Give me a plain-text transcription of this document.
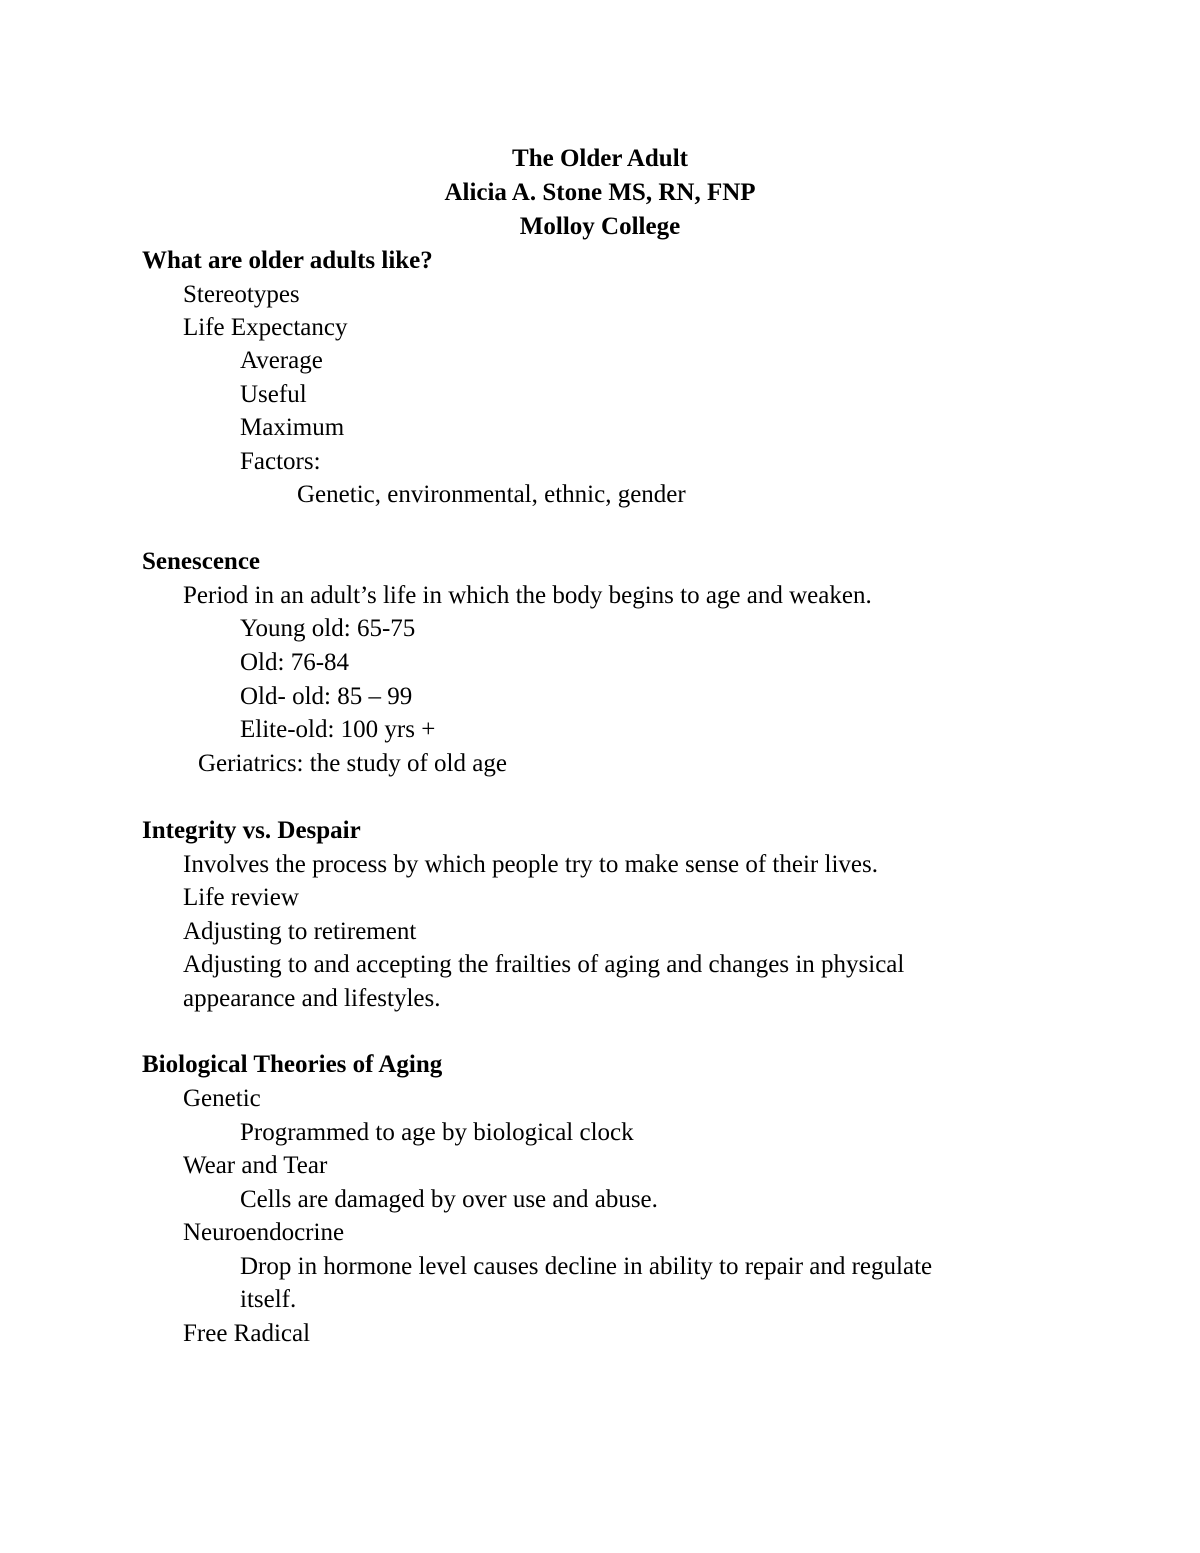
The Older Adult
Alicia A. Stone MS, RN, FNP
Molloy College
What are older adults like?
Stereotypes
Life Expectancy
Average
Useful
Maximum
Factors:
Genetic, environmental, ethnic, gender
Senescence
Period in an adult’s life in which the body begins to age and weaken.
Young old: 65-75
Old: 76-84
Old- old: 85 – 99
Elite-old: 100 yrs +
Geriatrics: the study of old age
Integrity vs. Despair
Involves the process by which people try to make sense of their lives.
Life review
Adjusting to retirement
Adjusting to and accepting the frailties of aging and changes in physical
appearance and lifestyles.
Biological Theories of Aging
Genetic
Programmed to age by biological clock
Wear and Tear
Cells are damaged by over use and abuse.
Neuroendocrine
Drop in hormone level causes decline in ability to repair and regulate
itself.
Free Radical
